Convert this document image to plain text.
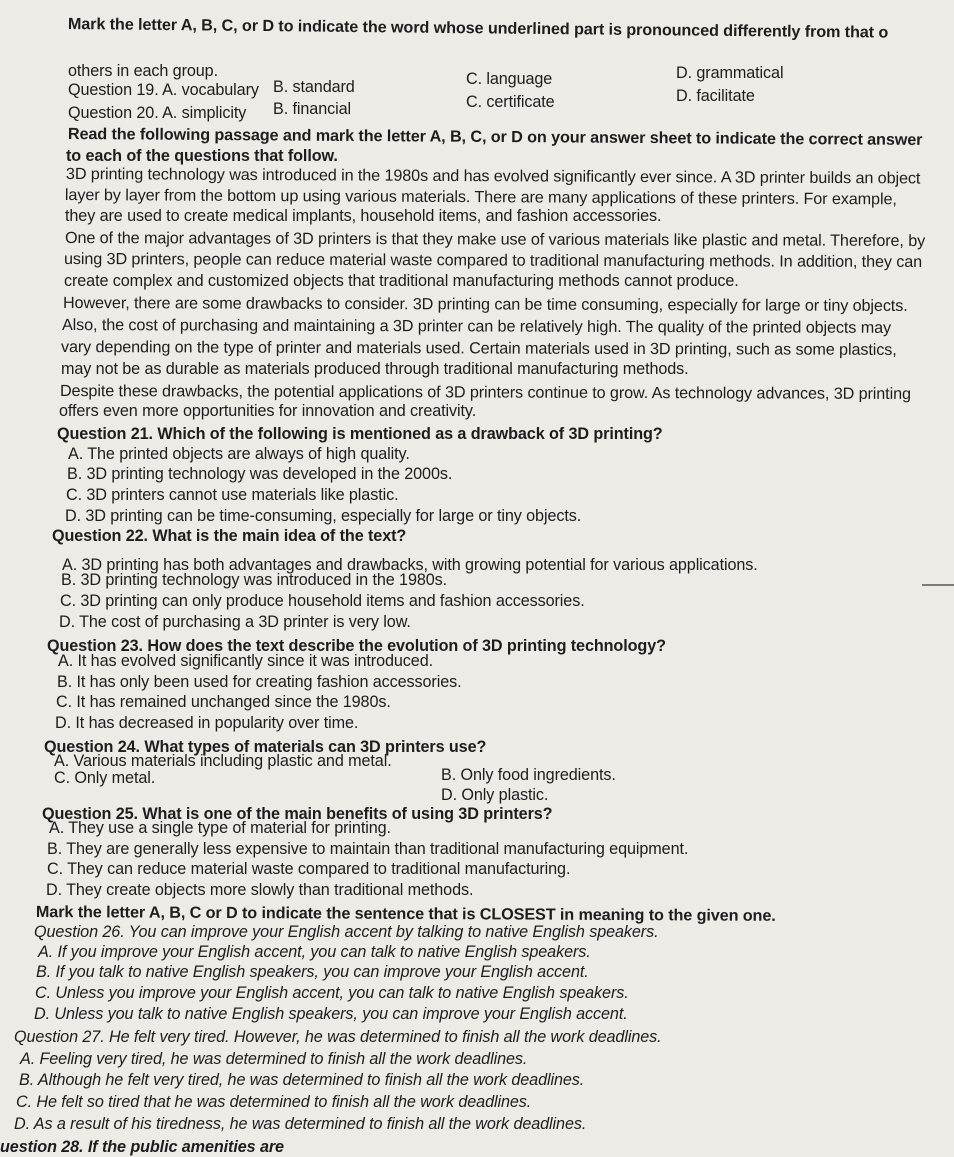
Mark the letter A, B, C, or D to indicate the word whose underlined part is pronounced differently from that o
others in each group.
Question 19. A. vocabulary B. standard	C. language	D. grammatical
Question 20. A. simplicity B. financial	C. certificate	D. facilitate
Read the following passage and mark the letter A, B, C, or D on your answer sheet to indicate the correct answer
to each of the questions that follow.
3D printing technology was introduced in the 1980s and has evolved significantly ever since. A 3D printer builds an object
layer by layer from the bottom up using various materials. There are many applications of these printers. For example,
they are used to create medical implants, household items, and fashion accessories.
One of the major advantages of 3D printers is that they make use of various materials like plastic and metal. Therefore, by
using 3D printers, people can reduce material waste compared to traditional manufacturing methods. In addition, they can
create complex and customized objects that traditional manufacturing methods cannot produce.
However, there are some drawbacks to consider. 3D printing can be time consuming, especially for large or tiny objects.
Also, the cost of purchasing and maintaining a 3D printer can be relatively high. The quality of the printed objects may
vary depending on the type of printer and materials used. Certain materials used in 3D printing, such as some plastics,
may not be as durable as materials produced through traditional manufacturing methods.
Despite these drawbacks, the potential applications of 3D printers continue to grow. As technology advances, 3D printing
offers even more opportunities for innovation and creativity.
Question 21. Which of the following is mentioned as a drawback of 3D printing?
A. The printed objects are always of high quality.
B. 3D printing technology was developed in the 2000s.
C. 3D printers cannot use materials like plastic.
D. 3D printing can be time-consuming, especially for large or tiny objects.
Question 22. What is the main idea of the text?
A. 3D printing has both advantages and drawbacks, with growing potential for various applications.
B. 3D printing technology was introduced in the 1980s.
C. 3D printing can only produce household items and fashion accessories.
D. The cost of purchasing a 3D printer is very low.
Question 23. How does the text describe the evolution of 3D printing technology?
A. It has evolved significantly since it was introduced.
B. It has only been used for creating fashion accessories.
C. It has remained unchanged since the 1980s.
D. It has decreased in popularity over time.
Question 24. What types of materials can 3D printers use?
A. Various materials including plastic and metal.
B. Only food ingredients.
C. Only metal.
D. Only plastic.
Question 25. What is one of the main benefits of using 3D printers?
A. They use a single type of material for printing.
B. They are generally less expensive to maintain than traditional manufacturing equipment.
C. They can reduce material waste compared to traditional manufacturing.
D. They create objects more slowly than traditional methods.
Mark the letter A, B, C or D to indicate the sentence that is CLOSEST in meaning to the given one.
Question 26. You can improve your English accent by talking to native English speakers.
A. If you improve your English accent, you can talk to native English speakers.
B. If you talk to native English speakers, you can improve your English accent.
C. Unless you improve your English accent, you can talk to native English speakers.
D. Unless you talk to native English speakers, you can improve your English accent.
Question 27. He felt very tired. However, he was determined to finish all the work deadlines.
A. Feeling very tired, he was determined to finish all the work deadlines.
B. Although he felt very tired, he was determined to finish all the work deadlines.
C. He felt so tired that he was determined to finish all the work deadlines.
D. As a result of his tiredness, he was determined to finish all the work deadlines.
uestion 28. If the public amenities are
